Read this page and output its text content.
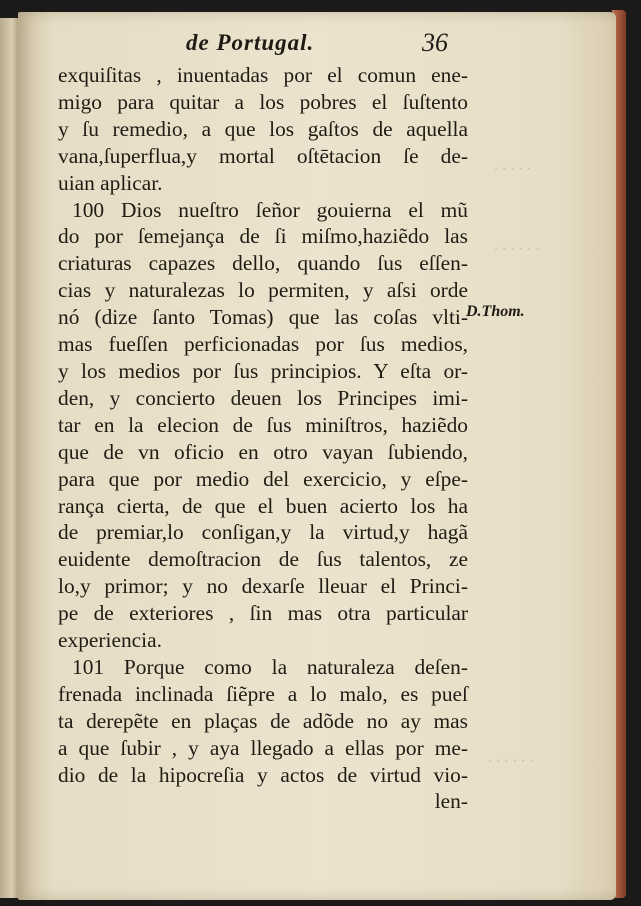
· · · · ·
· · · · · ·
· · · · · ·
de Portugal.	36
exquiſitas , inuentadas por el comun ene-
migo para quitar a los pobres el ſuſtento
y ſu remedio, a que los gaſtos de aquella
vana,ſuperflua,y mortal oſtētacion ſe de-
uian aplicar.
100 Dios nueſtro ſeñor gouierna el mũ
do por ſemejança de ſi miſmo,haziẽdo las
criaturas capazes dello, quando ſus eſſen-
cias y naturalezas lo permiten, y aſsi orde
nó (dize ſanto Tomas) que las coſas vlti-
mas fueſſen perficionadas por ſus medios,
y los medios por ſus principios. Y eſta or-
den, y concierto deuen los Principes imi-
tar en la elecion de ſus miniſtros, haziẽdo
que de vn oficio en otro vayan ſubiendo,
para que por medio del exercicio, y eſpe-
rança cierta, de que el buen acierto los ha
de premiar,lo conſigan,y la virtud,y hagã
euidente demoſtracion de ſus talentos, ze
lo,y primor; y no dexarſe lleuar el Princi-
pe de exteriores , ſin mas otra particular
experiencia.
101 Porque como la naturaleza deſen-
frenada inclinada ſiẽpre a lo malo, es pueſ
ta derepẽte en plaças de adõde no ay mas
a que ſubir , y aya llegado a ellas por me-
dio de la hipocreſia y actos de virtud vio-
len-
D.Thom.
